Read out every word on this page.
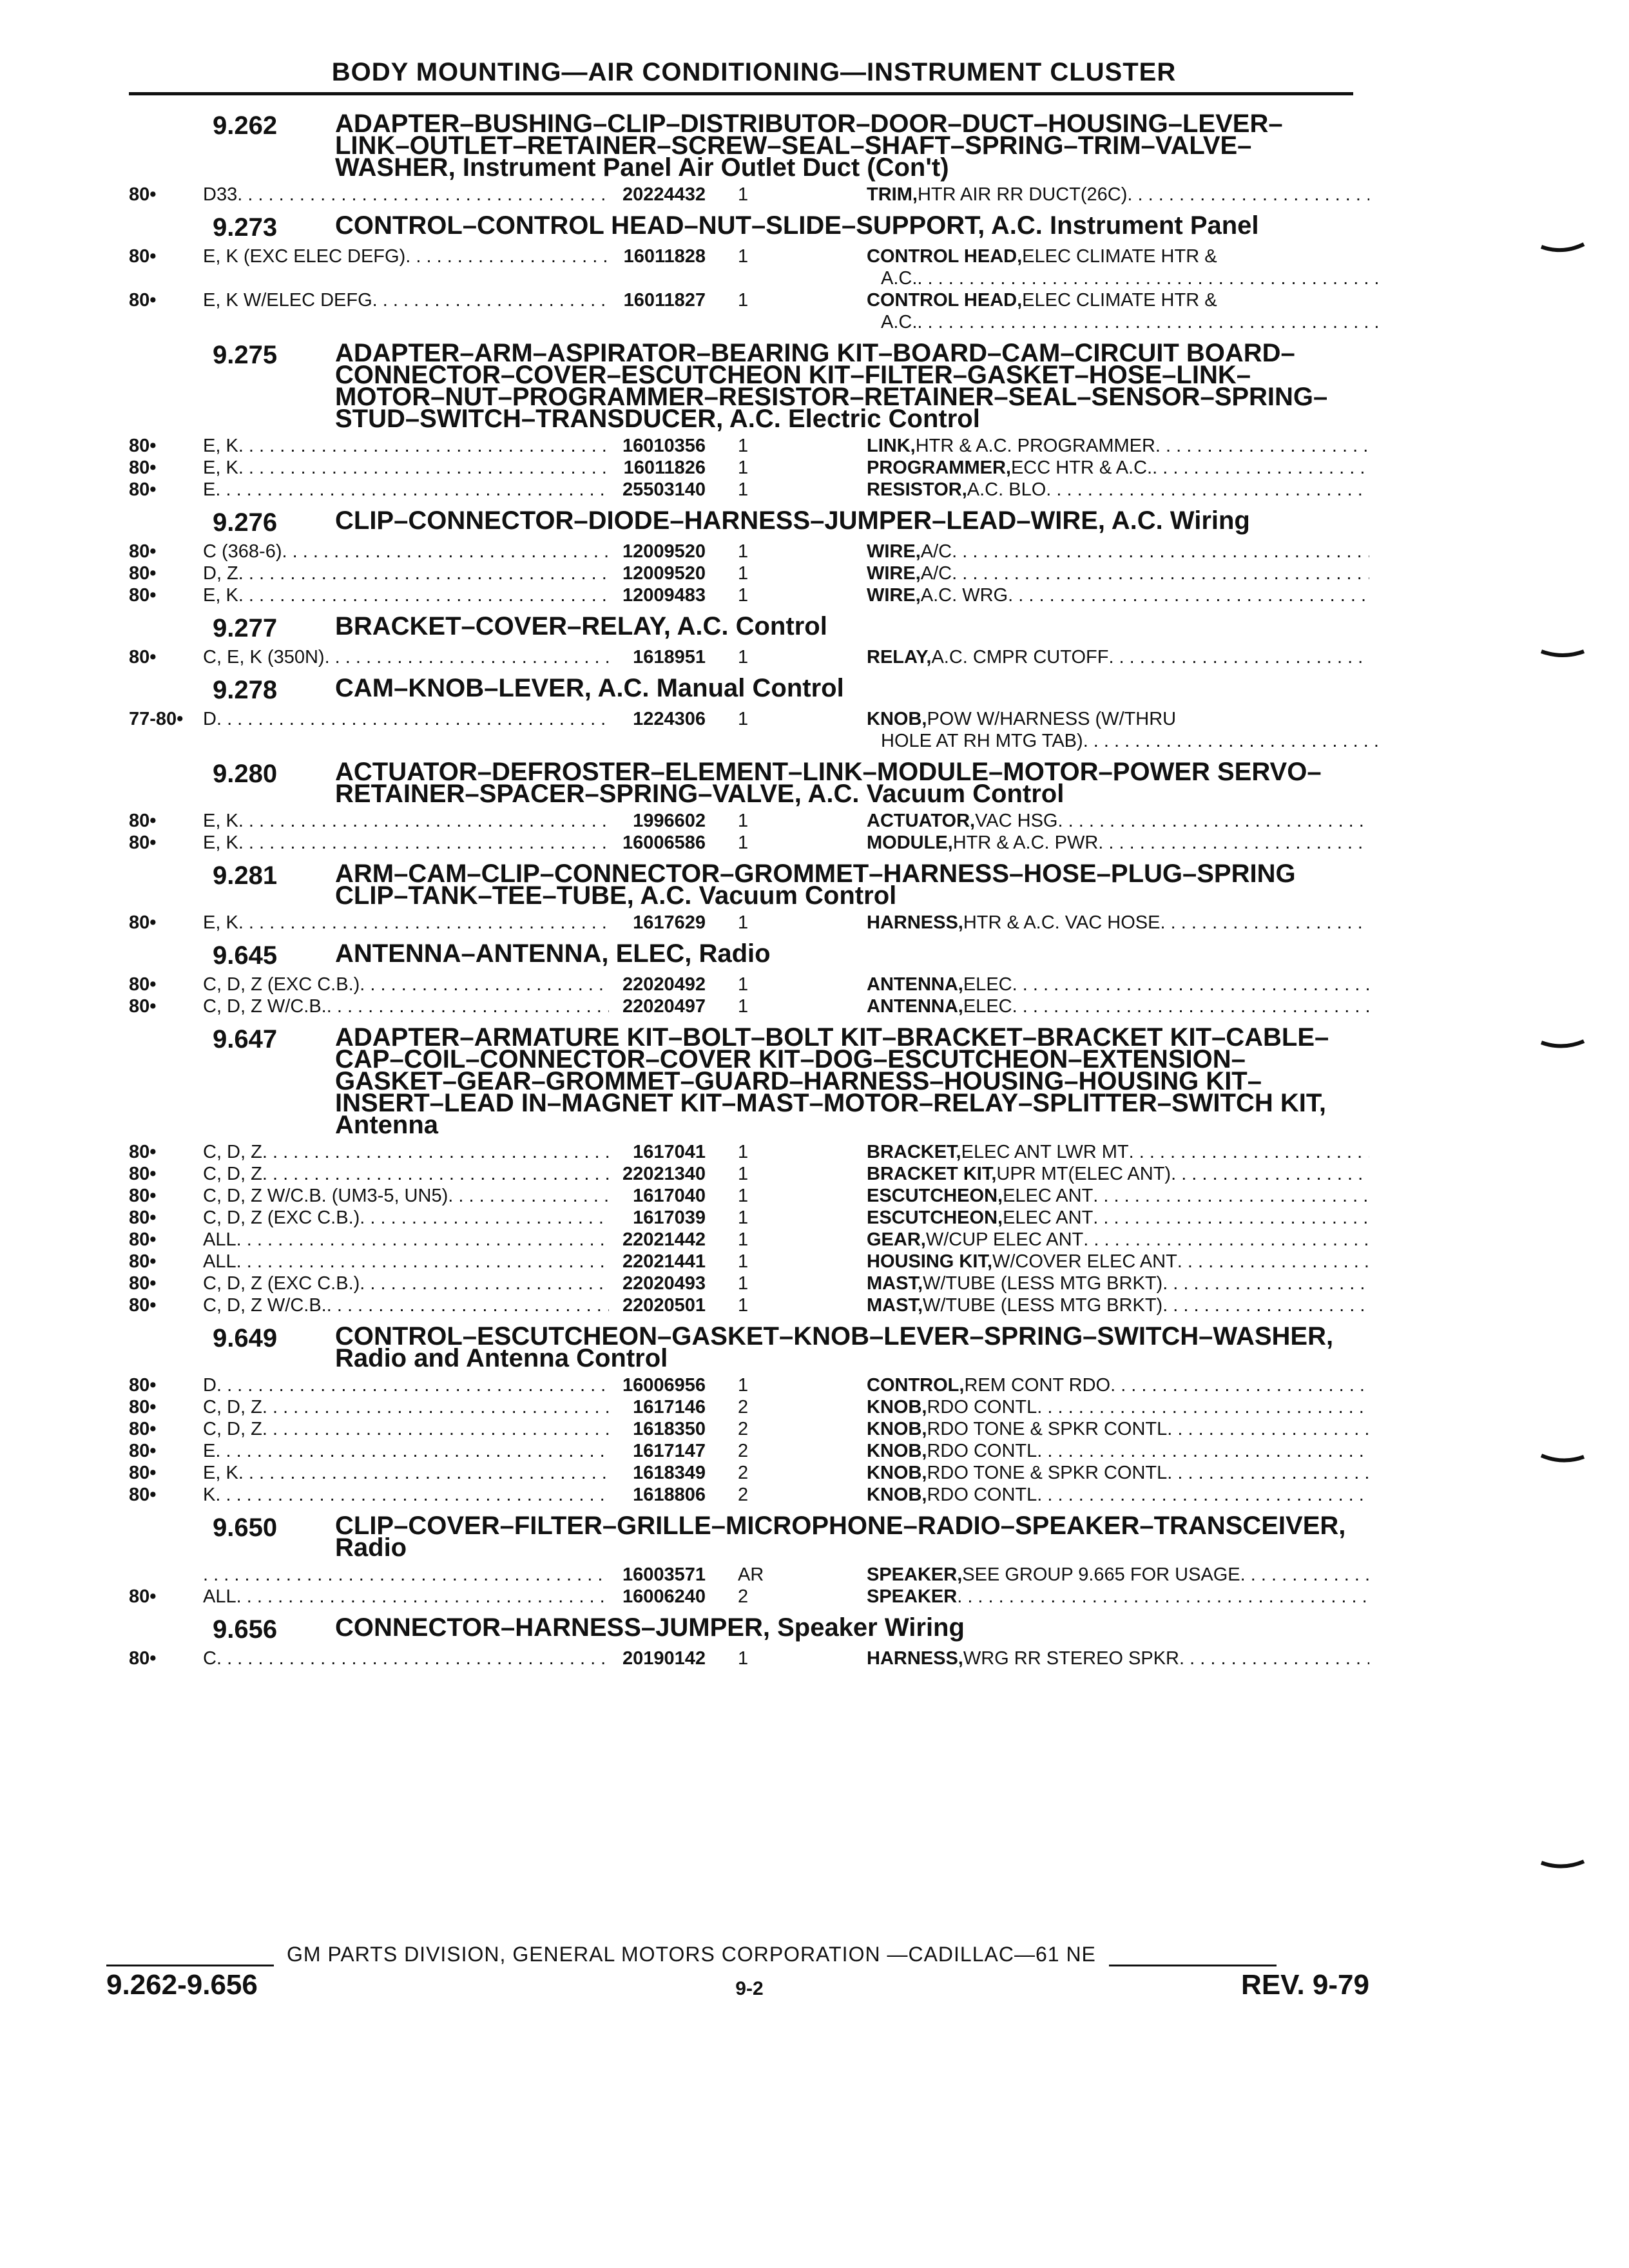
BODY MOUNTING—AIR CONDITIONING—INSTRUMENT CLUSTER
9.262	ADAPTER–BUSHING–CLIP–DISTRIBUTOR–DOOR–DUCT–HOUSING–LEVER–LINK–OUTLET–RETAINER–SCREW–SEAL–SHAFT–SPRING–TRIM–VALVE–WASHER, Instrument Panel Air Outlet Duct (Con't)
80•	D33 . . .	20224432	1	TRIM, HTR AIR RR DUCT(26C)
. . .
9.273	CONTROL–CONTROL HEAD–NUT–SLIDE–SUPPORT, A.C. Instrument Panel
80•	E, K (EXC ELEC DEFG) . . .	16011828	1	CONTROL HEAD, ELEC CLIMATE HTR &
A.C.
. . .
80•	E, K W/ELEC DEFG . . .	16011827	1	CONTROL HEAD, ELEC CLIMATE HTR &
A.C.
. . .
9.275	ADAPTER–ARM–ASPIRATOR–BEARING KIT–BOARD–CAM–CIRCUIT BOARD–CONNECTOR–COVER–ESCUTCHEON KIT–FILTER–GASKET–HOSE–LINK–MOTOR–NUT–PROGRAMMER–RESISTOR–RETAINER–SEAL–SENSOR–SPRING–STUD–SWITCH–TRANSDUCER, A.C. Electric Control
80•	E, K . . .	16010356	1	LINK, HTR & A.C. PROGRAMMER
. . .
80•	E, K . . .	16011826	1	PROGRAMMER, ECC HTR & A.C.
. . .
80•	E . . .	25503140	1	RESISTOR, A.C. BLO
. . .
9.276	CLIP–CONNECTOR–DIODE–HARNESS–JUMPER–LEAD–WIRE, A.C. Wiring
80•	C (368-6) . . .	12009520	1	WIRE, A/C
. . .
80•	D, Z . . .	12009520	1	WIRE, A/C
. . .
80•	E, K . . .	12009483	1	WIRE, A.C. WRG
. . .
9.277	BRACKET–COVER–RELAY, A.C. Control
80•	C, E, K (350N) . . .	1618951	1	RELAY, A.C. CMPR CUTOFF
. . .
9.278	CAM–KNOB–LEVER, A.C. Manual Control
77-80•	D . . .	1224306	1	KNOB, POW W/HARNESS (W/THRU
HOLE AT RH MTG TAB)
. . .
9.280	ACTUATOR–DEFROSTER–ELEMENT–LINK–MODULE–MOTOR–POWER SERVO–RETAINER–SPACER–SPRING–VALVE, A.C. Vacuum Control
80•	E, K . . .	1996602	1	ACTUATOR, VAC HSG
. . .
80•	E, K . . .	16006586	1	MODULE, HTR & A.C. PWR
. . .
9.281	ARM–CAM–CLIP–CONNECTOR–GROMMET–HARNESS–HOSE–PLUG–SPRING CLIP–TANK–TEE–TUBE, A.C. Vacuum Control
80•	E, K . . .	1617629	1	HARNESS, HTR & A.C. VAC HOSE
. . .
9.645	ANTENNA–ANTENNA, ELEC, Radio
80•	C, D, Z (EXC C.B.) . . .	22020492	1	ANTENNA, ELEC
. . .
80•	C, D, Z W/C.B. . . .	22020497	1	ANTENNA, ELEC
. . .
9.647	ADAPTER–ARMATURE KIT–BOLT–BOLT KIT–BRACKET–BRACKET KIT–CABLE–CAP–COIL–CONNECTOR–COVER KIT–DOG–ESCUTCHEON–EXTENSION–GASKET–GEAR–GROMMET–GUARD–HARNESS–HOUSING–HOUSING KIT–INSERT–LEAD IN–MAGNET KIT–MAST–MOTOR–RELAY–SPLITTER–SWITCH KIT, Antenna
80•	C, D, Z . . .	1617041	1	BRACKET, ELEC ANT LWR MT
. . .
80•	C, D, Z . . .	22021340	1	BRACKET KIT, UPR MT(ELEC ANT)
. . .
80•	C, D, Z W/C.B. (UM3-5, UN5) . . .	1617040	1	ESCUTCHEON, ELEC ANT
. . .
80•	C, D, Z (EXC C.B.) . . .	1617039	1	ESCUTCHEON, ELEC ANT
. . .
80•	ALL . . .	22021442	1	GEAR, W/CUP ELEC ANT
. . .
80•	ALL . . .	22021441	1	HOUSING KIT, W/COVER ELEC ANT
. . .
80•	C, D, Z (EXC C.B.) . . .	22020493	1	MAST, W/TUBE (LESS MTG BRKT)
. . .
80•	C, D, Z W/C.B. . . .	22020501	1	MAST, W/TUBE (LESS MTG BRKT)
. . .
9.649	CONTROL–ESCUTCHEON–GASKET–KNOB–LEVER–SPRING–SWITCH–WASHER, Radio and Antenna Control
80•	D . . .	16006956	1	CONTROL, REM CONT RDO
. . .
80•	C, D, Z . . .	1617146	2	KNOB, RDO CONTL
. . .
80•	C, D, Z . . .	1618350	2	KNOB, RDO TONE & SPKR CONTL
. . .
80•	E . . .	1617147	2	KNOB, RDO CONTL
. . .
80•	E, K . . .	1618349	2	KNOB, RDO TONE & SPKR CONTL
. . .
80•	K . . .	1618806	2	KNOB, RDO CONTL
. . .
9.650	CLIP–COVER–FILTER–GRILLE–MICROPHONE–RADIO–SPEAKER–TRANSCEIVER, Radio
. . .
16003571	AR	SPEAKER, SEE GROUP 9.665 FOR USAGE
. . .
80•	ALL . . .	16006240	2	SPEAKER
. . .
9.656	CONNECTOR–HARNESS–JUMPER, Speaker Wiring
80•	C . . .	20190142	1	HARNESS, WRG RR STEREO SPKR
. . .
GM PARTS DIVISION, GENERAL MOTORS CORPORATION —CADILLAC—61 NE
9.262-9.656	9-2	REV. 9-79
